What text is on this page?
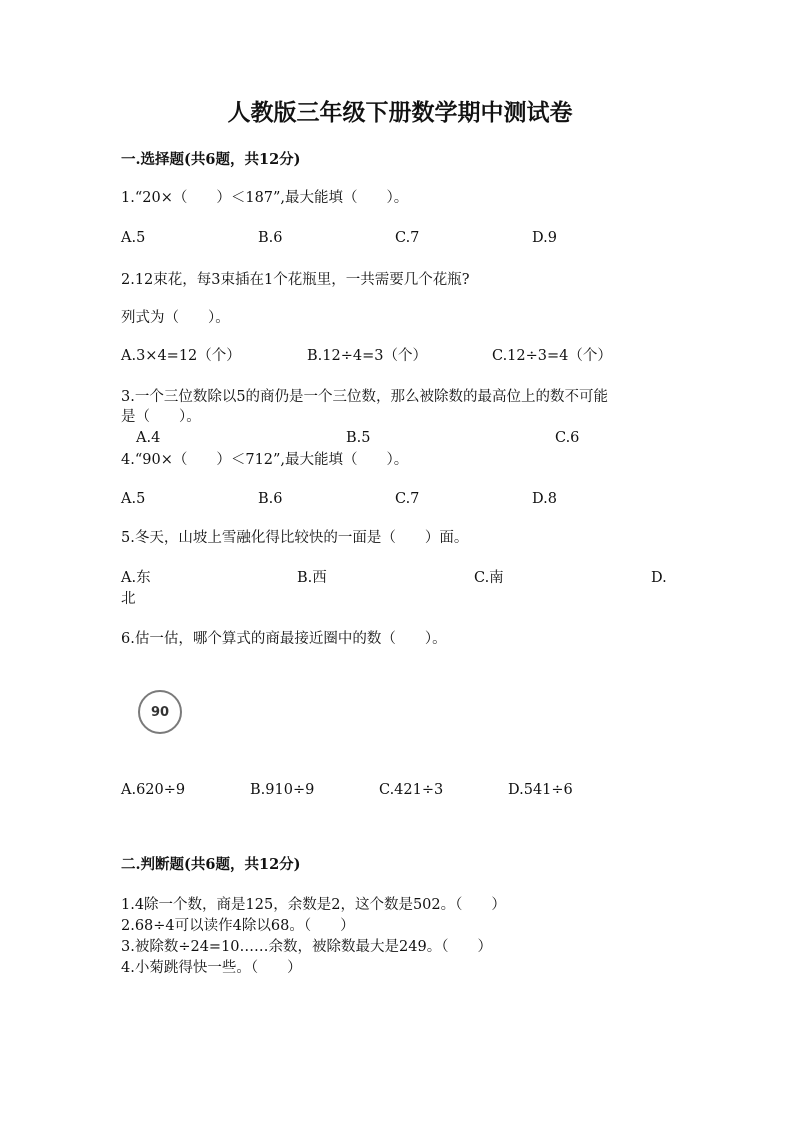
人教版三年级下册数学期中测试卷
一.选择题(共6题，共12分)
1.“20×（　　）＜187”,最大能填（　　）。
A.5	B.6	C.7	D.9
2.12束花，每3束插在1个花瓶里，一共需要几个花瓶?
列式为（　　）。
A.3×4=12（个）	B.12÷4=3（个）	C.12÷3=4（个）
3.一个三位数除以5的商仍是一个三位数，那么被除数的最高位上的数不可能
是（　　）。
A.4	B.5	C.6
4.“90×（　　）＜712”,最大能填（　　）。
A.5	B.6	C.7	D.8
5.冬天，山坡上雪融化得比较快的一面是（　　）面。
A.东	B.西	C.南	D.
北
6.估一估，哪个算式的商最接近圈中的数（　　）。
90
A.620÷9	B.910÷9	C.421÷3	D.541÷6
二.判断题(共6题，共12分)
1.4除一个数，商是125，余数是2，这个数是502。（　　）
2.68÷4可以读作4除以68。（　　）
3.被除数÷24=10……余数，被除数最大是249。（　　）
4.小菊跳得快一些。（　　）
